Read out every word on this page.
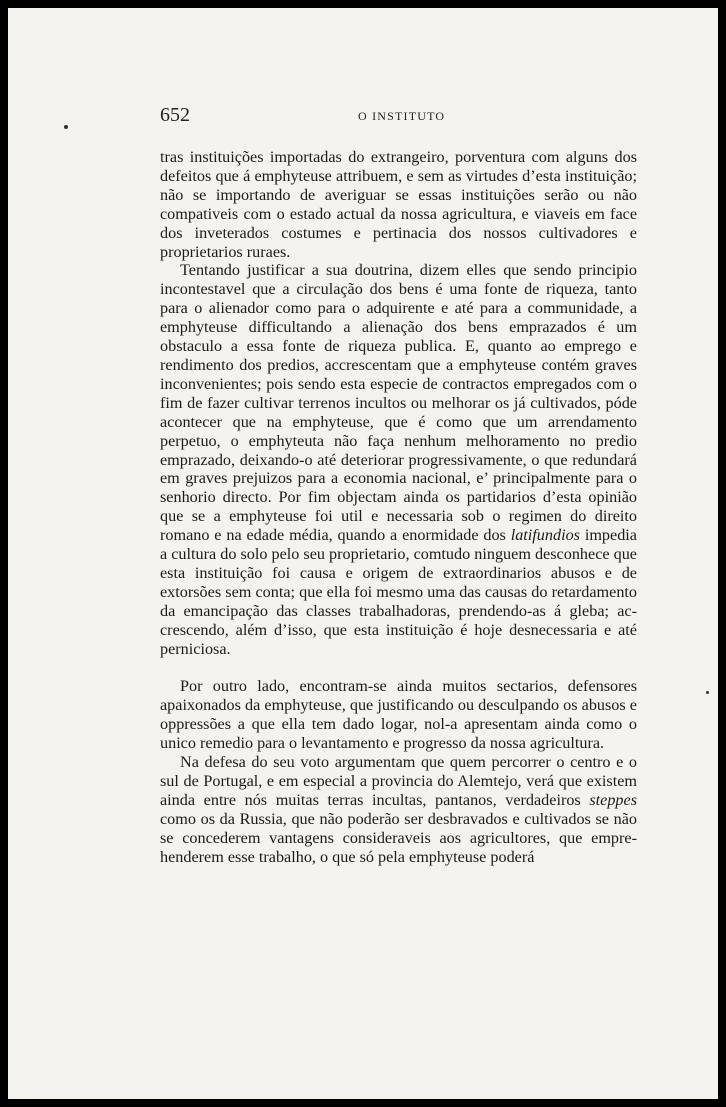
652	O INSTITUTO

tras instituições importadas do extrangeiro, porventura com alguns dos defeitos que á emphyteuse attribuem, e sem as virtudes d’esta instituição; não se importando de averiguar se essas instituições serão ou não compativeis com o estado actual da nossa agricultura, e viaveis em face dos inveterados costumes e pertinacia dos nossos cultivadores e proprietarios ruraes.

Tentando justificar a sua doutrina, dizem elles que sendo principio incontestavel que a circulação dos bens é uma fonte de riqueza, tanto para o alienador como para o adquirente e até para a communidade, a emphyteuse difficultando a alienação dos bens emprazados é um obstaculo a essa fonte de riqueza publica. E, quanto ao emprego e rendimento dos predios, accrescentam que a emphyteuse contém graves inconvenientes; pois sendo esta especie de contractos empregados com o fim de fazer cultivar terrenos incultos ou melhorar os já cultivados, póde acontecer que na emphyteuse, que é como que um arrendamento perpetuo, o emphyteuta não faça nenhum melhoramento no predio emprazado, deixando-o até deteriorar progressivamente, o que redundará em graves prejuizos para a economia nacional, e’ principalmente para o senhorio directo. Por fim objectam ainda os partidarios d’esta opinião que se a emphyteuse foi util e necessaria sob o regimen do direito romano e na edade média, quando a enormidade dos latifundios impedia a cultura do solo pelo seu proprietario, comtudo ninguem desconhece que esta instituição foi causa e origem de extraordinarios abusos e de extorsões sem conta; que ella foi mesmo uma das causas do retardamento da emancipação das classes trabalhadoras, prendendo-as á gleba; accrescendo, além d’isso, que esta instituição é hoje desnecessaria e até perniciosa.

Por outro lado, encontram-se ainda muitos sectarios, defensores apaixonados da emphyteuse, que justificando ou desculpando os abusos e oppressões a que ella tem dado logar, nol-a apresentam ainda como o unico remedio para o levantamento e progresso da nossa agricultura.

Na defesa do seu voto argumentam que quem percorrer o centro e o sul de Portugal, e em especial a provincia do Alemtejo, verá que existem ainda entre nós muitas terras incultas, pantanos, verdadeiros steppes como os da Russia, que não poderão ser desbravados e cultivados se não se concederem vantagens consideraveis aos agricultores, que emprehenderem esse trabalho, o que só pela emphyteuse poderá
